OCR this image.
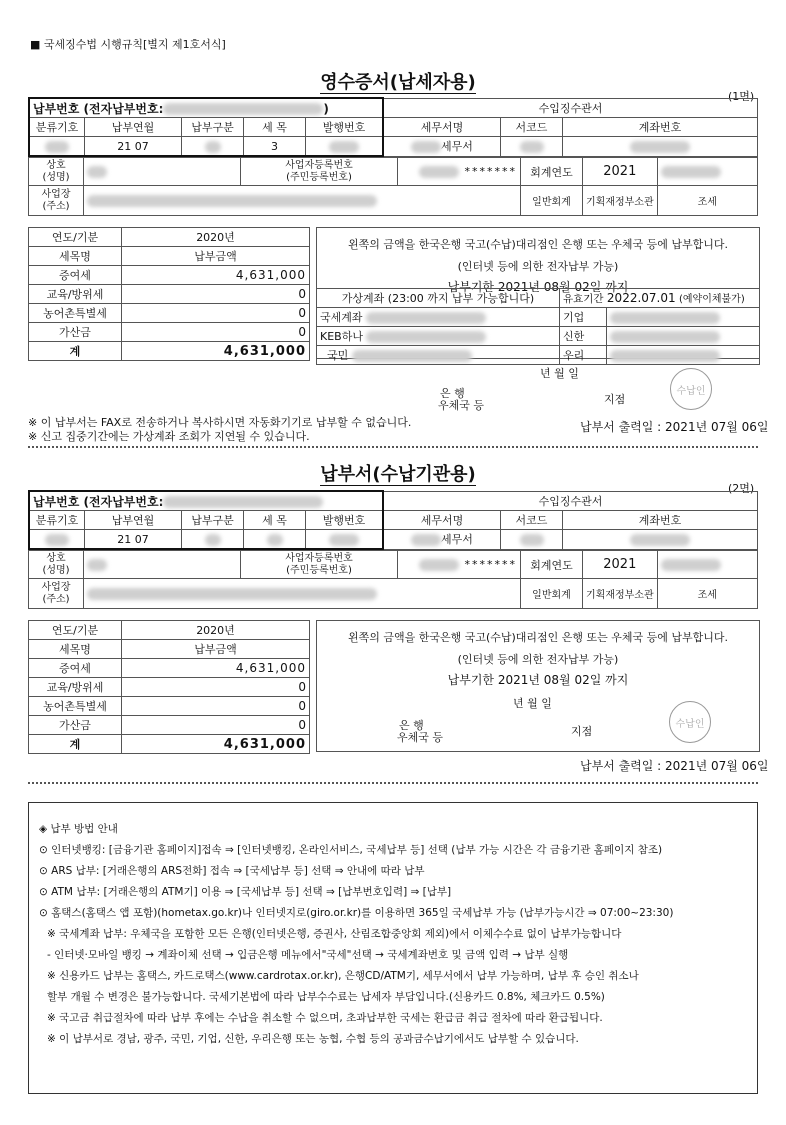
■ 국세징수법 시행규칙[별지 제1호서식]
영수증서(납세자용)
(1면)
납부번호 (전자납부번호: )					수입징수관서		
분류기호	납부연월	납부구분	세 목	발행번호	세무서명	서코드	계좌번호
	21 07		3		세무서		
상호
(성명)		사업자등록번호
(주민등록번호)	*******	회계연도	2021	
사업장
(주소)				일반회계	기획재정부소관	조세
연도/기분	2020년
세목명	납부금액
증여세	4,631,000
교육/방위세	0
농어촌특별세	0
가산금	0
계	4,631,000
왼쪽의 금액을 한국은행 국고(수납)대리점인 은행 또는 우체국 등에 납부합니다.
(인터넷 등에 의한 전자납부 가능)
납부기한 2021년 08월 02일 까지
가상계좌 (23:00 까지 납부 가능합니다)	유효기간 2022.07.01 (예약이체불가)	
국세계좌	기업	
KEB하나	신한	
국민	우리	
년 월 일
은 행
우체국 등	지점
수납인
※ 이 납부서는 FAX로 전송하거나 복사하시면 자동화기기로 납부할 수 없습니다.
※ 신고 집중기간에는 가상계좌 조회가 지연될 수 있습니다.
납부서 출력일 : 2021년 07월 06일
납부서(수납기관용)
(2면)
납부번호 (전자납부번호:					수입징수관서		
분류기호	납부연월	납부구분	세 목	발행번호	세무서명	서코드	계좌번호
	21 07				세무서		
상호
(성명)		사업자등록번호
(주민등록번호)	*******	회계연도	2021	
사업장
(주소)				일반회계	기획재정부소관	조세
연도/기분	2020년
세목명	납부금액
증여세	4,631,000
교육/방위세	0
농어촌특별세	0
가산금	0
계	4,631,000
왼쪽의 금액을 한국은행 국고(수납)대리점인 은행 또는 우체국 등에 납부합니다.
(인터넷 등에 의한 전자납부 가능)
납부기한 2021년 08월 02일 까지
년 월 일
은 행
우체국 등	지점
수납인
납부서 출력일 : 2021년 07월 06일

◈ 납부 방법 안내

⊙ 인터넷뱅킹: [금융기관 홈페이지]접속 ⇒ [인터넷뱅킹, 온라인서비스, 국세납부 등] 선택 (납부 가능 시간은 각 금융기관 홈페이지 참조)

⊙ ARS 납부: [거래은행의 ARS전화] 접속 ⇒ [국세납부 등] 선택 ⇒ 안내에 따라 납부

⊙ ATM 납부: [거래은행의 ATM기] 이용 ⇒ [국세납부 등] 선택 ⇒ [납부번호입력] ⇒ [납부]

⊙ 홈택스(홈택스 앱 포함)(hometax.go.kr)나 인터넷지로(giro.or.kr)를 이용하면 365일 국세납부 가능 (납부가능시간 ⇒ 07:00~23:30)

※ 국세계좌 납부: 우체국을 포함한 모든 은행(인터넷은행, 증권사, 산림조합중앙회 제외)에서 이체수수료 없이 납부가능합니다

- 인터넷·모바일 뱅킹 → 계좌이체 선택 → 입금은행 메뉴에서"국세"선택 → 국세계좌번호 및 금액 입력 → 납부 실행

※ 신용카드 납부는 홈택스, 카드로택스(www.cardrotax.or.kr), 은행CD/ATM기, 세무서에서 납부 가능하며, 납부 후 승인 취소나

할부 개월 수 변경은 불가능합니다. 국세기본법에 따라 납부수수료는 납세자 부담입니다.(신용카드 0.8%, 체크카드 0.5%)

※ 국고금 취급절차에 따라 납부 후에는 수납을 취소할 수 없으며, 초과납부한 국세는 환급금 취급 절차에 따라 환급됩니다.

※ 이 납부서로 경남, 광주, 국민, 기업, 신한, 우리은행 또는 농협, 수협 등의 공과금수납기에서도 납부할 수 있습니다.
